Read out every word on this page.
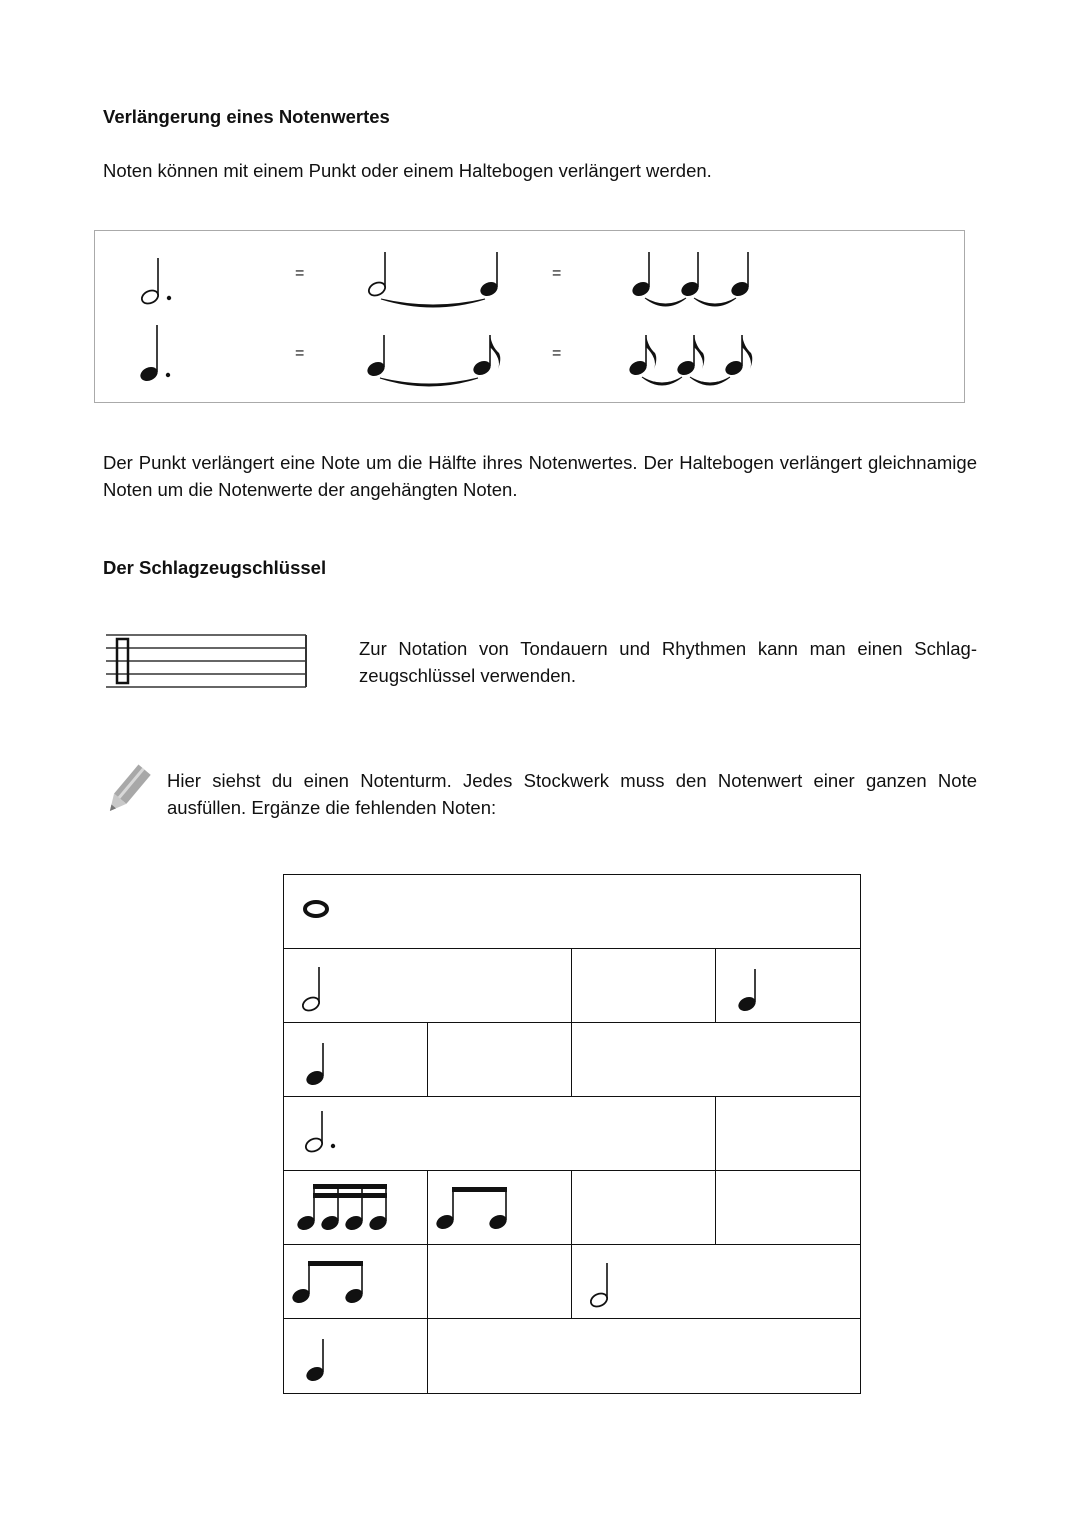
Verlängerung eines Notenwertes
Noten können mit einem Punkt oder einem Haltebogen verlängert werden.
=	=
=	=
Der Punkt verlängert eine Note um die Hälfte ihres Notenwertes. Der Haltebogen verlängert gleichnamige Noten um die Notenwerte der angehängten Noten.
Der Schlagzeugschlüssel
Zur Notation von Tondauern und Rhythmen kann man einen Schlag-zeugschlüssel verwenden.
Hier siehst du einen Notenturm. Jedes Stockwerk muss den Notenwert einer ganzen Note ausfüllen. Ergänze die fehlenden Noten:
